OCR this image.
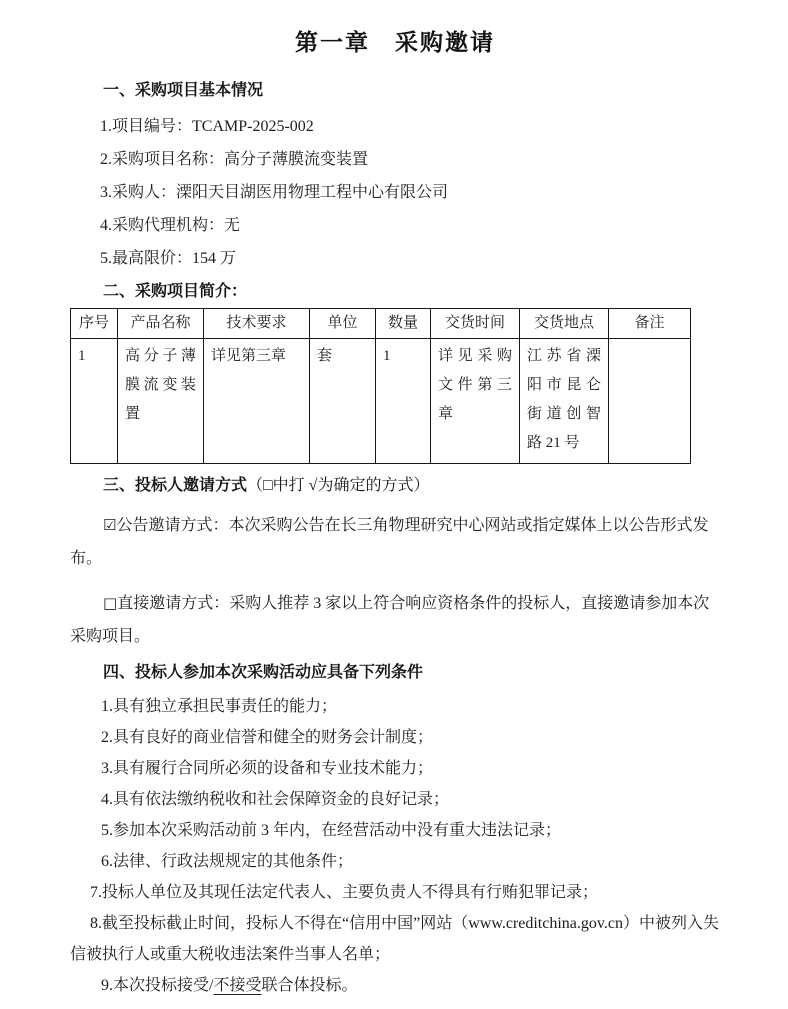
第一章　采购邀请
一、采购项目基本情况

1.项目编号：TCAMP-2025-002

2.采购项目名称：高分子薄膜流变装置

3.采购人：溧阳天目湖医用物理工程中心有限公司

4.采购代理机构：无

5.最高限价：154 万

二、采购项目简介：
序号	产品名称	技术要求	单位	数量	交货时间	交货地点	备注
1	高分子薄膜流变装置	详见第三章	套	1	详见采购文件第三章	江苏省溧阳市昆仑街道创智路 21 号	
三、投标人邀请方式（□中打 √为确定的方式）

☑公告邀请方式：本次采购公告在长三角物理研究中心网站或指定媒体上以公告形式发布。

□直接邀请方式：采购人推荐 3 家以上符合响应资格条件的投标人，直接邀请参加本次采购项目。

四、投标人参加本次采购活动应具备下列条件

1.具有独立承担民事责任的能力；

2.具有良好的商业信誉和健全的财务会计制度；

3.具有履行合同所必须的设备和专业技术能力；

4.具有依法缴纳税收和社会保障资金的良好记录；

5.参加本次采购活动前 3 年内，在经营活动中没有重大违法记录；

6.法律、行政法规规定的其他条件；

7.投标人单位及其现任法定代表人、主要负责人不得具有行贿犯罪记录；

8.截至投标截止时间，投标人不得在“信用中国”网站（www.creditchina.gov.cn）中被列入失信被执行人或重大税收违法案件当事人名单；

9.本次投标接受/不接受联合体投标。
